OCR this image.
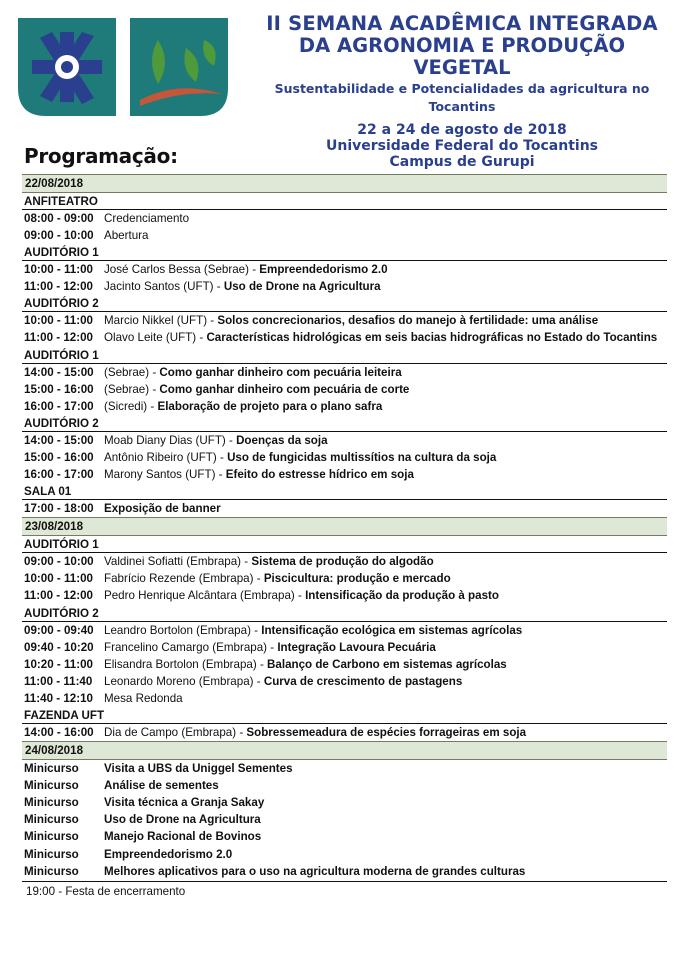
II SEMANA ACADÊMICA INTEGRADA
DA AGRONOMIA E PRODUÇÃO VEGETAL
Sustentabilidade e Potencialidades da agricultura no Tocantins
22 a 24 de agosto de 2018
Universidade Federal do Tocantins
Campus de Gurupi
Programação:
22/08/2018
ANFITEATRO
08:00 - 09:00 Credenciamento
09:00 - 10:00 Abertura
AUDITÓRIO 1
10:00 - 11:00 José Carlos Bessa (Sebrae) - Empreendedorismo 2.0
11:00 - 12:00 Jacinto Santos (UFT) - Uso de Drone na Agricultura
AUDITÓRIO 2
10:00 - 11:00 Marcio Nikkel (UFT) - Solos concrecionarios, desafios do manejo à fertilidade: uma análise
11:00 - 12:00 Olavo Leite (UFT) - Características hidrológicas em seis bacias hidrográficas no Estado do Tocantins
AUDITÓRIO 1
14:00 - 15:00 (Sebrae) - Como ganhar dinheiro com pecuária leiteira
15:00 - 16:00 (Sebrae) - Como ganhar dinheiro com pecuária de corte
16:00 - 17:00 (Sicredi) - Elaboração de projeto para o plano safra
AUDITÓRIO 2
14:00 - 15:00 Moab Diany Dias (UFT) - Doenças da soja
15:00 - 16:00 Antônio Ribeiro (UFT) - Uso de fungicidas multissítios na cultura da soja
16:00 - 17:00 Marony Santos (UFT) - Efeito do estresse hídrico em soja
SALA 01
17:00 - 18:00 Exposição de banner
23/08/2018
AUDITÓRIO 1
09:00 - 10:00 Valdinei Sofiatti (Embrapa) - Sistema de produção do algodão
10:00 - 11:00 Fabrício Rezende (Embrapa) - Piscicultura: produção e mercado
11:00 - 12:00 Pedro Henrique Alcântara (Embrapa) - Intensificação da produção à pasto
AUDITÓRIO 2
09:00 - 09:40 Leandro Bortolon (Embrapa) - Intensificação ecológica em sistemas agrícolas
09:40 - 10:20 Francelino Camargo (Embrapa) - Integração Lavoura Pecuária
10:20 - 11:00 Elisandra Bortolon (Embrapa) - Balanço de Carbono em sistemas agrícolas
11:00 - 11:40	Leonardo Moreno (Embrapa) - Curva de crescimento de pastagens
11:40 - 12:10 Mesa Redonda
FAZENDA UFT
14:00 - 16:00 Dia de Campo (Embrapa) - Sobressemeadura de espécies forrageiras em soja
24/08/2018
Minicurso	Visita a UBS da Uniggel Sementes
Minicurso	Análise de sementes
Minicurso	Visita técnica a Granja Sakay
Minicurso	Uso de Drone na Agricultura
Minicurso	Manejo Racional de Bovinos
Minicurso	Empreendedorismo 2.0
Minicurso	Melhores aplicativos para o uso na agricultura moderna de grandes culturas
19:00 - Festa de encerramento
